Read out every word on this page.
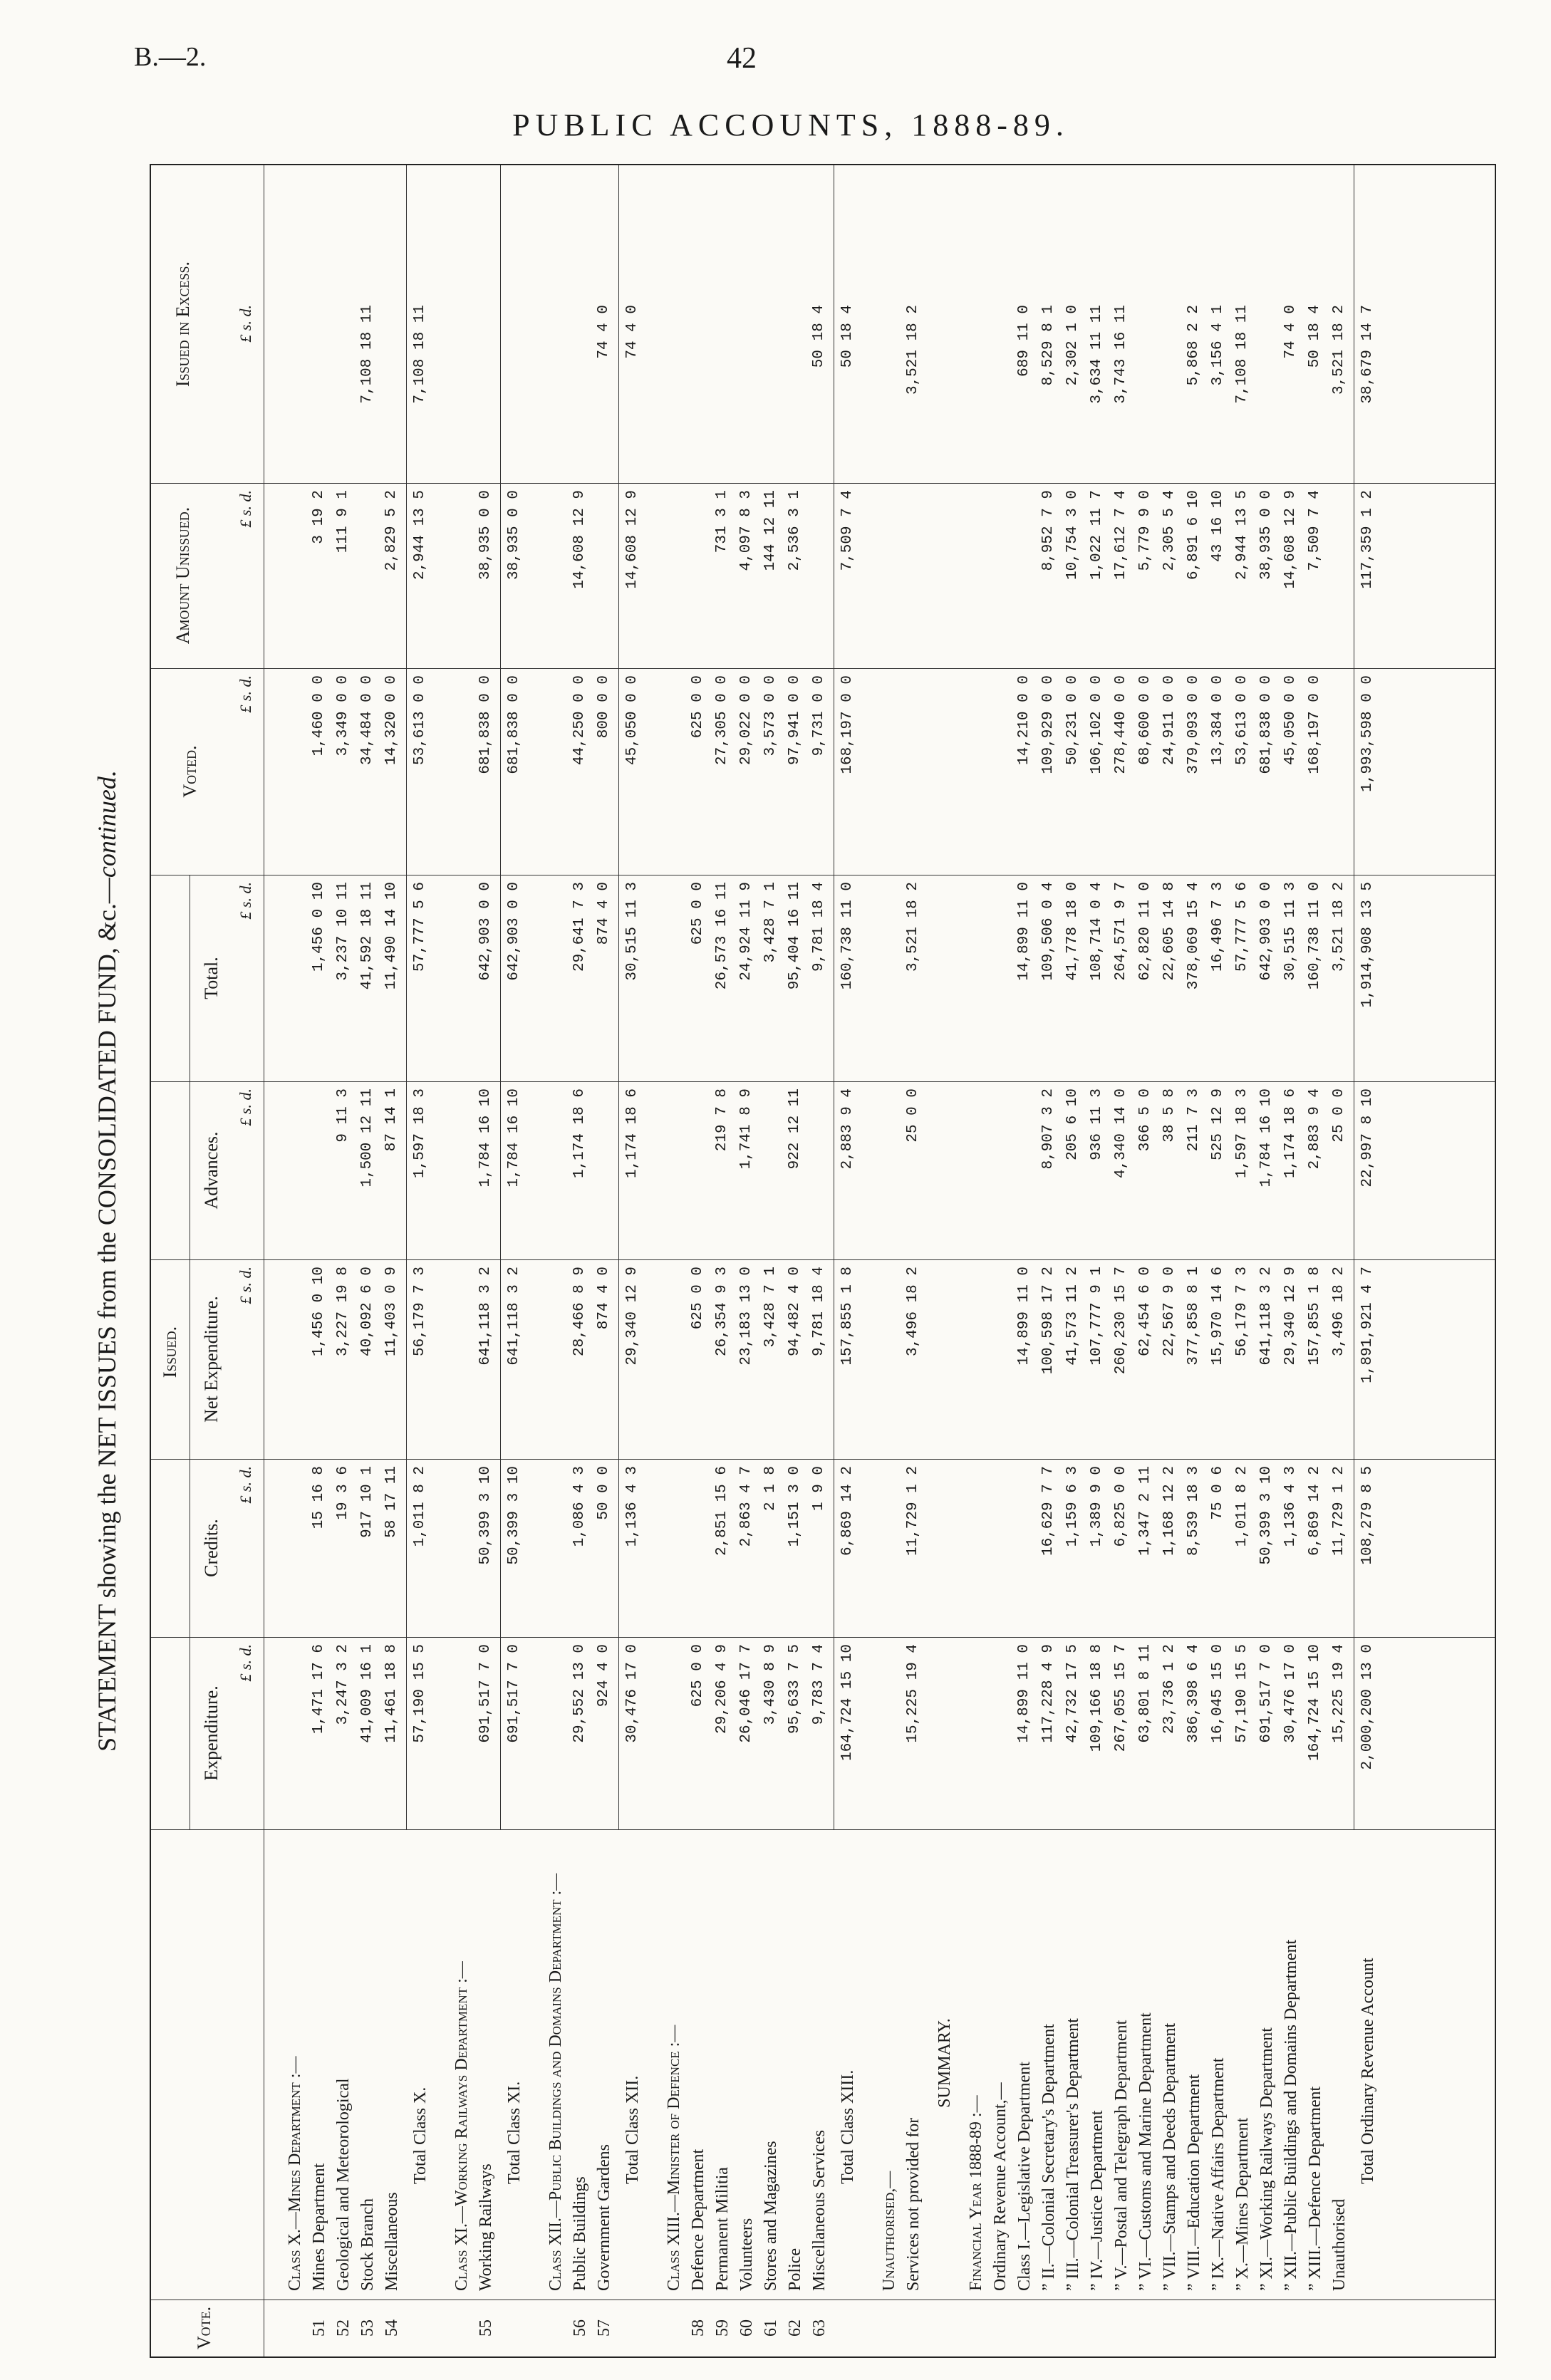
B.—2.	42
PUBLIC ACCOUNTS, 1888-89.
STATEMENT showing the NET ISSUES from the CONSOLIDATED FUND, &c.—continued.
Vote.
Issued.
Expenditure.
Credits.
Net Expenditure.
Advances.
Total.
Voted.
Amount Unissued.
Issued in Excess.
£ s. d.
£ s. d.
£ s. d.
£ s. d.
£ s. d.
£ s. d.
£ s. d.
£ s. d.
Class X.—Mines Department :—
51
Mines Department
1,471 17 6
15 16 8
1,456 0 10
1,456 0 10
1,460 0 0
3 19 2
52
Geological and Meteorological
3,247 3 2
19 3 6
3,227 19 8
9 11 3
3,237 10 11
3,349 0 0
111 9 1
53
Stock Branch
41,009 16 1
917 10 1
40,092 6 0
1,500 12 11
41,592 18 11
34,484 0 0
7,108 18 11
54
Miscellaneous
11,461 18 8
58 17 11
11,403 0 9
87 14 1
11,490 14 10
14,320 0 0
2,829 5 2
Total Class X.
57,190 15 5
1,011 8 2
56,179 7 3
1,597 18 3
57,777 5 6
53,613 0 0
2,944 13 5
7,108 18 11
Class XI.—Working Railways Department :—
55
Working Railways
691,517 7 0
50,399 3 10
641,118 3 2
1,784 16 10
642,903 0 0
681,838 0 0
38,935 0 0
Total Class XI.
691,517 7 0
50,399 3 10
641,118 3 2
1,784 16 10
642,903 0 0
681,838 0 0
38,935 0 0
Class XII.—Public Buildings and Domains Department :—
56
Public Buildings
29,552 13 0
1,086 4 3
28,466 8 9
1,174 18 6
29,641 7 3
44,250 0 0
14,608 12 9
57
Government Gardens
924 4 0
50 0 0
874 4 0
874 4 0
800 0 0
74 4 0
Total Class XII.
30,476 17 0
1,136 4 3
29,340 12 9
1,174 18 6
30,515 11 3
45,050 0 0
14,608 12 9
74 4 0
Class XIII.—Minister of Defence :—
58
Defence Department
625 0 0
625 0 0
625 0 0
625 0 0
59
Permanent Militia
29,206 4 9
2,851 15 6
26,354 9 3
219 7 8
26,573 16 11
27,305 0 0
731 3 1
60
Volunteers
26,046 17 7
2,863 4 7
23,183 13 0
1,741 8 9
24,924 11 9
29,022 0 0
4,097 8 3
61
Stores and Magazines
3,430 8 9
2 1 8
3,428 7 1
3,428 7 1
3,573 0 0
144 12 11
62
Police
95,633 7 5
1,151 3 0
94,482 4 0
922 12 11
95,404 16 11
97,941 0 0
2,536 3 1
63
Miscellaneous Services
9,783 7 4
1 9 0
9,781 18 4
9,781 18 4
9,731 0 0
50 18 4
Total Class XIII.
164,724 15 10
6,869 14 2
157,855 1 8
2,883 9 4
160,738 11 0
168,197 0 0
7,509 7 4
50 18 4
Unauthorised,— Services not provided for
15,225 19 4
11,729 1 2
3,496 18 2
25 0 0
3,521 18 2
3,521 18 2
SUMMARY.
Financial Year 1888-89 :— Ordinary Revenue Account,— Class I.—Legislative Department
14,899 11 0
14,899 11 0
14,899 11 0
14,210 0 0
689 11 0
” II.—Colonial Secretary's Department
117,228 4 9
16,629 7 7
100,598 17 2
8,907 3 2
109,506 0 4
109,929 0 0
8,952 7 9
8,529 8 1
” III.—Colonial Treasurer's Department
42,732 17 5
1,159 6 3
41,573 11 2
205 6 10
41,778 18 0
50,231 0 0
10,754 3 0
2,302 1 0
” IV.—Justice Department
109,166 18 8
1,389 9 0
107,777 9 1
936 11 3
108,714 0 4
106,102 0 0
1,022 11 7
3,634 11 11
” V.—Postal and Telegraph Department
267,055 15 7
6,825 0 0
260,230 15 7
4,340 14 0
264,571 9 7
278,440 0 0
17,612 7 4
3,743 16 11
” VI.—Customs and Marine Department
63,801 8 11
1,347 2 11
62,454 6 0
366 5 0
62,820 11 0
68,600 0 0
5,779 9 0
” VII.—Stamps and Deeds Department
23,736 1 2
1,168 12 2
22,567 9 0
38 5 8
22,605 14 8
24,911 0 0
2,305 5 4
” VIII.—Education Department
386,398 6 4
8,539 18 3
377,858 8 1
211 7 3
378,069 15 4
379,093 0 0
6,891 6 10
5,868 2 2
” IX.—Native Affairs Department
16,045 15 0
75 0 6
15,970 14 6
525 12 9
16,496 7 3
13,384 0 0
43 16 10
3,156 4 1
” X.—Mines Department
57,190 15 5
1,011 8 2
56,179 7 3
1,597 18 3
57,777 5 6
53,613 0 0
2,944 13 5
7,108 18 11
” XI.—Working Railways Department
691,517 7 0
50,399 3 10
641,118 3 2
1,784 16 10
642,903 0 0
681,838 0 0
38,935 0 0
” XII.—Public Buildings and Domains Department
30,476 17 0
1,136 4 3
29,340 12 9
1,174 18 6
30,515 11 3
45,050 0 0
14,608 12 9
74 4 0
” XIII.—Defence Department
164,724 15 10
6,869 14 2
157,855 1 8
2,883 9 4
160,738 11 0
168,197 0 0
7,509 7 4
50 18 4
Unauthorised
15,225 19 4
11,729 1 2
3,496 18 2
25 0 0
3,521 18 2
3,521 18 2
Total Ordinary Revenue Account
2,000,200 13 0
108,279 8 5
1,891,921 4 7
22,997 8 10
1,914,908 13 5
1,993,598 0 0
117,359 1 2
38,679 14 7
